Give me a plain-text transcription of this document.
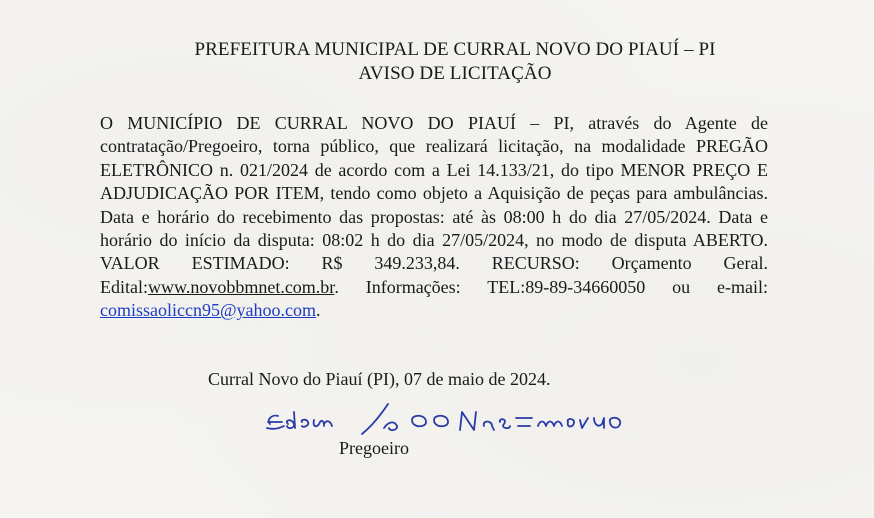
PREFEITURA MUNICIPAL DE CURRAL NOVO DO PIAUÍ – PI
AVISO DE LICITAÇÃO
O MUNICÍPIO DE CURRAL NOVO DO PIAUÍ – PI, através do Agente de contratação/Pregoeiro, torna público, que realizará licitação, na modalidade PREGÃO ELETRÔNICO n. 021/2024 de acordo com a Lei 14.133/21, do tipo MENOR PREÇO E ADJUDICAÇÃO POR ITEM, tendo como objeto a Aquisição de peças para ambulâncias. Data e horário do recebimento das propostas: até às 08:00 h do dia 27/05/2024. Data e horário do início da disputa: 08:02 h do dia 27/05/2024, no modo de disputa ABERTO. VALOR ESTIMADO: R$ 349.233,84. RECURSO: Orçamento Geral. Edital:www.novobbmnet.com.br. Informações: TEL:89-89-34660050 ou e-mail: comissaoliccn95@yahoo.com.
Curral Novo do Piauí (PI), 07 de maio de 2024.
Pregoeiro
